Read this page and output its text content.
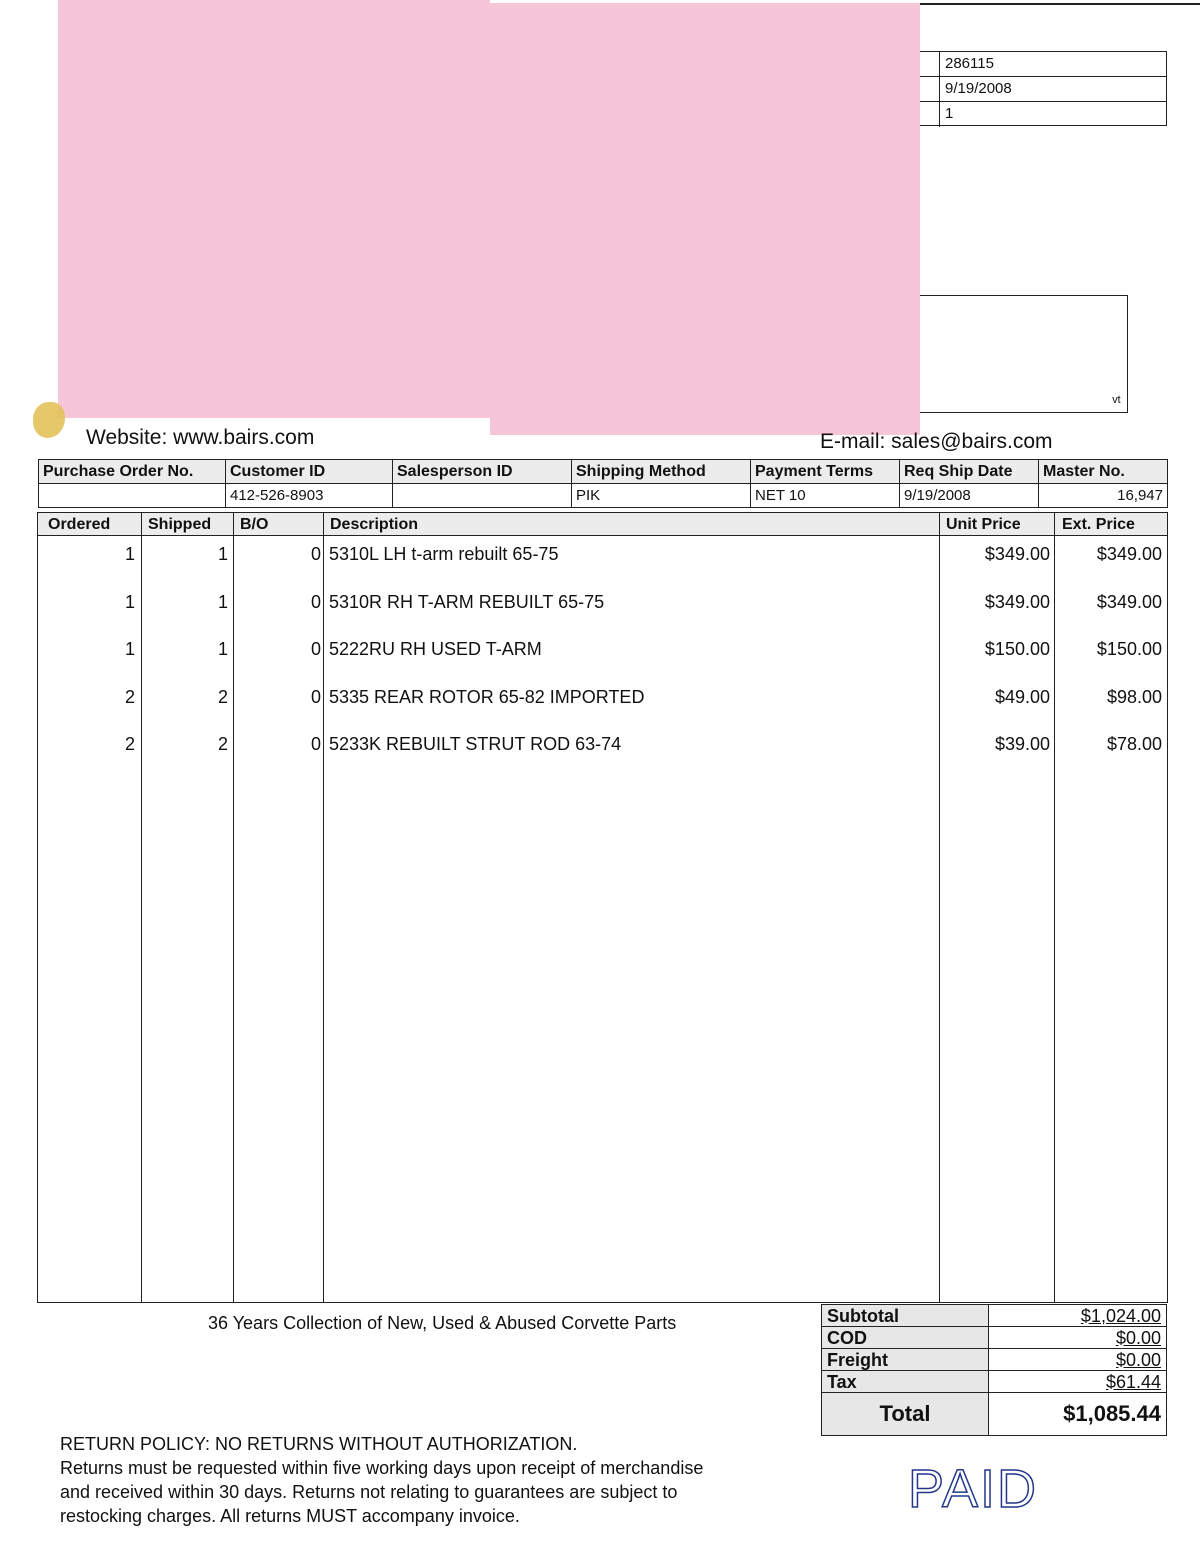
286115
9/19/2008
1
ᵛᵗ
Website: www.bairs.com	E-mail: sales@bairs.com
Purchase Order No.	Customer ID	Salesperson ID	Shipping Method	Payment Terms	Req Ship Date	Master No.
	412-526-8903		PIK	NET 10	9/19/2008	16,947
Ordered Shipped B/O	Description	Unit Price	Ext. Price
1	1	0 5310L LH t-arm rebuilt 65-75	$349.00	$349.00
1	1	0 5310R RH T-ARM REBUILT 65-75	$349.00	$349.00
1	1	0 5222RU RH USED T-ARM	$150.00	$150.00
2	2	0 5335 REAR ROTOR 65-82 IMPORTED	$49.00	$98.00
2	2	0 5233K REBUILT STRUT ROD 63-74	$39.00	$78.00
36 Years Collection of New, Used & Abused Corvette Parts	Subtotal	$1,024.00
COD	$0.00
Freight	$0.00
Tax	$61.44
Total	$1,085.44
RETURN POLICY: NO RETURNS WITHOUT AUTHORIZATION.
Returns must be requested within five working days upon receipt of merchandise
and received within 30 days. Returns not relating to guarantees are subject to
restocking charges. All returns MUST accompany invoice.	PAID
